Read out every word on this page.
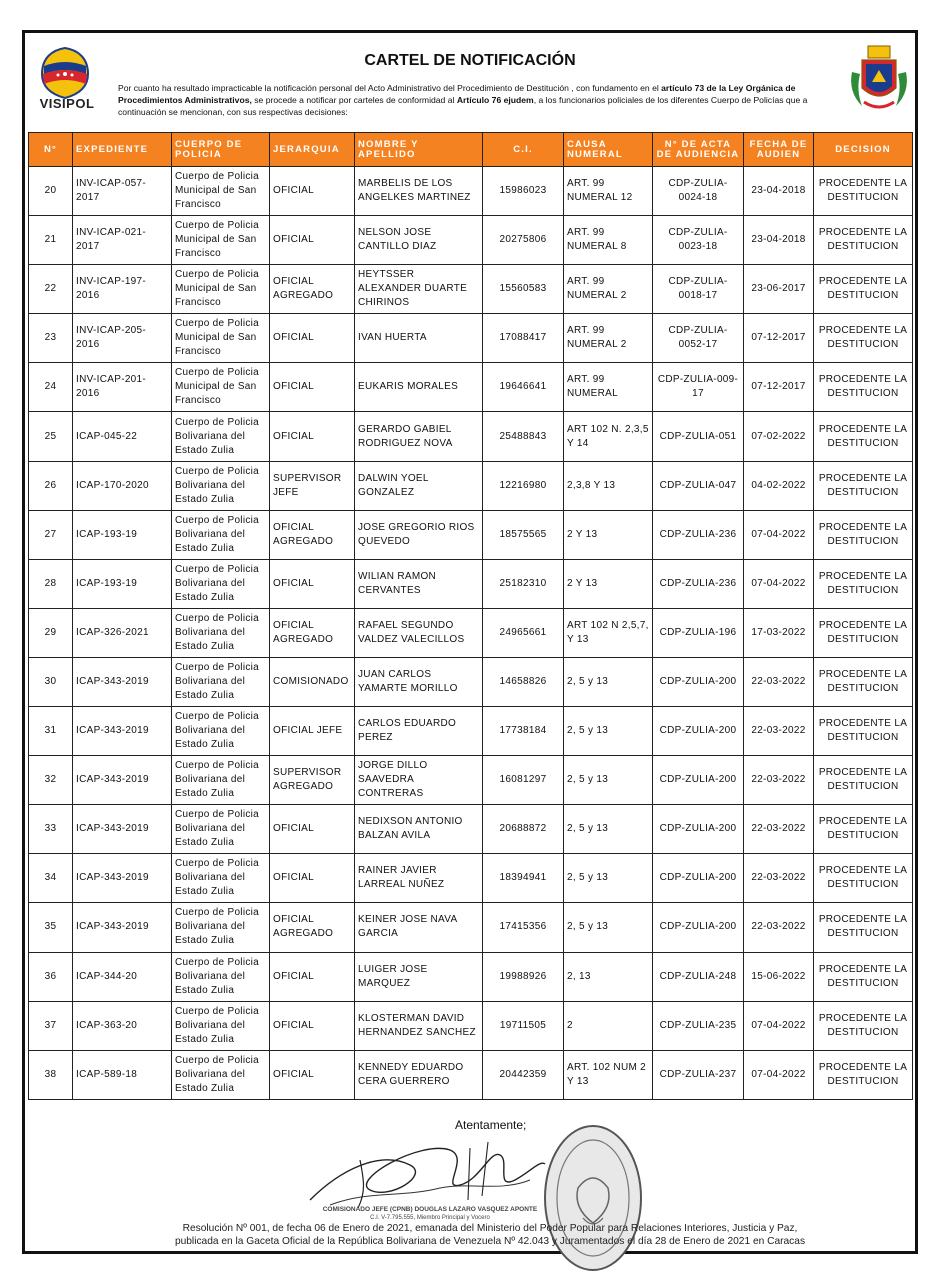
VISIPOL
CARTEL DE NOTIFICACIÓN
Por cuanto ha resultado impracticable la notificación personal del Acto Administrativo del Procedimiento de Destitución , con fundamento en el artículo 73 de la Ley Orgánica de Procedimientos Administrativos, se procede a notificar por carteles de conformidad al Artículo 76 ejudem, a los funcionarios policiales de los diferentes Cuerpo de Policías que a continuación se mencionan, con sus respectivas decisiones:
N°	EXPEDIENTE	CUERPO DE POLICIA	JERARQUIA	NOMBRE Y APELLIDO	C.I.	CAUSA NUMERAL	N° DE ACTA DE AUDIENCIA	FECHA DE AUDIEN	DECISION
20	INV-ICAP-057-2017	Cuerpo de Policia Municipal de San Francisco	OFICIAL	MARBELIS DE LOS ANGELKES MARTINEZ	15986023	ART. 99 NUMERAL 12	CDP-ZULIA-0024-18	23-04-2018	PROCEDENTE LA DESTITUCION
21	INV-ICAP-021-2017	Cuerpo de Policia Municipal de San Francisco	OFICIAL	NELSON JOSE CANTILLO DIAZ	20275806	ART. 99 NUMERAL 8	CDP-ZULIA-0023-18	23-04-2018	PROCEDENTE LA DESTITUCION
22	INV-ICAP-197-2016	Cuerpo de Policia Municipal de San Francisco	OFICIAL AGREGADO	HEYTSSER ALEXANDER DUARTE CHIRINOS	15560583	ART. 99 NUMERAL 2	CDP-ZULIA-0018-17	23-06-2017	PROCEDENTE LA DESTITUCION
23	INV-ICAP-205-2016	Cuerpo de Policia Municipal de San Francisco	OFICIAL	IVAN HUERTA	17088417	ART. 99 NUMERAL 2	CDP-ZULIA-0052-17	07-12-2017	PROCEDENTE LA DESTITUCION
24	INV-ICAP-201-2016	Cuerpo de Policia Municipal de San Francisco	OFICIAL	EUKARIS MORALES	19646641	ART. 99 NUMERAL	CDP-ZULIA-009-17	07-12-2017	PROCEDENTE LA DESTITUCION
25	ICAP-045-22	Cuerpo de Policia Bolivariana del Estado Zulia	OFICIAL	GERARDO GABIEL RODRIGUEZ NOVA	25488843	ART 102 N. 2,3,5 Y 14	CDP-ZULIA-051	07-02-2022	PROCEDENTE LA DESTITUCION
26	ICAP-170-2020	Cuerpo de Policia Bolivariana del Estado Zulia	SUPERVISOR JEFE	DALWIN YOEL GONZALEZ	12216980	2,3,8 Y 13	CDP-ZULIA-047	04-02-2022	PROCEDENTE LA DESTITUCION
27	ICAP-193-19	Cuerpo de Policia Bolivariana del Estado Zulia	OFICIAL AGREGADO	JOSE GREGORIO RIOS QUEVEDO	18575565	2 Y 13	CDP-ZULIA-236	07-04-2022	PROCEDENTE LA DESTITUCION
28	ICAP-193-19	Cuerpo de Policia Bolivariana del Estado Zulia	OFICIAL	WILIAN RAMON CERVANTES	25182310	2 Y 13	CDP-ZULIA-236	07-04-2022	PROCEDENTE LA DESTITUCION
29	ICAP-326-2021	Cuerpo de Policia Bolivariana del Estado Zulia	OFICIAL AGREGADO	RAFAEL SEGUNDO VALDEZ VALECILLOS	24965661	ART 102 N 2,5,7, Y 13	CDP-ZULIA-196	17-03-2022	PROCEDENTE LA DESTITUCION
30	ICAP-343-2019	Cuerpo de Policia Bolivariana del Estado Zulia	COMISIONADO	JUAN CARLOS YAMARTE MORILLO	14658826	2, 5 y 13	CDP-ZULIA-200	22-03-2022	PROCEDENTE LA DESTITUCION
31	ICAP-343-2019	Cuerpo de Policia Bolivariana del Estado Zulia	OFICIAL JEFE	CARLOS EDUARDO PEREZ	17738184	2, 5 y 13	CDP-ZULIA-200	22-03-2022	PROCEDENTE LA DESTITUCION
32	ICAP-343-2019	Cuerpo de Policia Bolivariana del Estado Zulia	SUPERVISOR AGREGADO	JORGE DILLO SAAVEDRA CONTRERAS	16081297	2, 5 y 13	CDP-ZULIA-200	22-03-2022	PROCEDENTE LA DESTITUCION
33	ICAP-343-2019	Cuerpo de Policia Bolivariana del Estado Zulia	OFICIAL	NEDIXSON ANTONIO BALZAN AVILA	20688872	2, 5 y 13	CDP-ZULIA-200	22-03-2022	PROCEDENTE LA DESTITUCION
34	ICAP-343-2019	Cuerpo de Policia Bolivariana del Estado Zulia	OFICIAL	RAINER JAVIER LARREAL NUÑEZ	18394941	2, 5 y 13	CDP-ZULIA-200	22-03-2022	PROCEDENTE LA DESTITUCION
35	ICAP-343-2019	Cuerpo de Policia Bolivariana del Estado Zulia	OFICIAL AGREGADO	KEINER JOSE NAVA GARCIA	17415356	2, 5 y 13	CDP-ZULIA-200	22-03-2022	PROCEDENTE LA DESTITUCION
36	ICAP-344-20	Cuerpo de Policia Bolivariana del Estado Zulia	OFICIAL	LUIGER JOSE MARQUEZ	19988926	2, 13	CDP-ZULIA-248	15-06-2022	PROCEDENTE LA DESTITUCION
37	ICAP-363-20	Cuerpo de Policia Bolivariana del Estado Zulia	OFICIAL	KLOSTERMAN DAVID HERNANDEZ SANCHEZ	19711505	2	CDP-ZULIA-235	07-04-2022	PROCEDENTE LA DESTITUCION
38	ICAP-589-18	Cuerpo de Policia Bolivariana del Estado Zulia	OFICIAL	KENNEDY EDUARDO CERA GUERRERO	20442359	ART. 102 NUM 2 Y 13	CDP-ZULIA-237	07-04-2022	PROCEDENTE LA DESTITUCION
Atentamente;
COMISIONADO JEFE (CPNB) DOUGLAS LAZARO VASQUEZ APONTE
C.I. V-7.795.555, Miembro Principal y Vocero
Resolución Nº 001, de fecha 06 de Enero de 2021, emanada del Ministerio del Poder Popular para Relaciones Interiores, Justicia y Paz,
publicada en la Gaceta Oficial de la República Bolivariana de Venezuela Nº 42.043 y Juramentados el día 28 de Enero de 2021 en Caracas
